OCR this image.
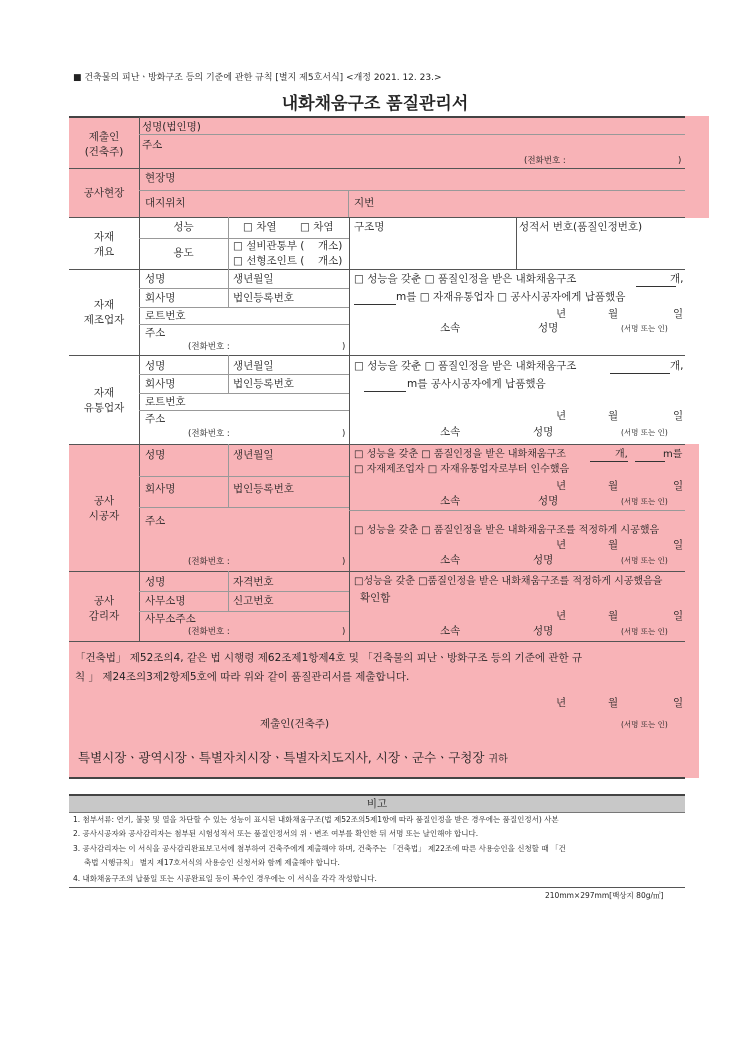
■ 건축물의 피난ㆍ방화구조 등의 기준에 관한 규칙 [별지 제5호서식] <개정 2021. 12. 23.>
내화채움구조 품질관리서
제출인
(건축주)
성명(법인명)
주소
(전화번호 :	)
공사현장
현장명
대지위치	지번
자재
개요
성능	□ 차열 □ 차염
용도
□ 설비관통부 ( 개소)
□ 선형조인트 ( 개소)
구조명	성적서 번호(품질인정번호)
자재
제조업자
성명	생년월일
회사명	법인등록번호
로트번호
주소
(전화번호 :	)
□ 성능을 갖춘 □ 품질인정을 받은 내화채움구조	개,
m를 □ 자재유통업자 □ 공사시공자에게 납품했음
년	월	일
소속	성명	(서명 또는 인)
자재
유통업자
성명	생년월일
회사명	법인등록번호
로트번호
주소
(전화번호 :	)
□ 성능을 갖춘 □ 품질인정을 받은 내화채움구조	개,
m를 공사시공자에게 납품했음
년	월	일
소속	성명	(서명 또는 인)
공사
시공자
성명	생년월일
회사명	법인등록번호
주소
(전화번호 :	)
□ 성능을 갖춘 □ 품질인정을 받은 내화채움구조	개,	m를
□ 자재제조업자 □ 자재유통업자로부터 인수했음
년	월	일
소속	성명	(서명 또는 인)
□ 성능을 갖춘 □ 품질인정을 받은 내화채움구조를 적정하게 시공했음
년	월	일
소속	성명	(서명 또는 인)
공사
감리자
성명	자격번호
사무소명	신고번호
사무소주소
(전화번호 :	)
□성능을 갖춘 □품질인정을 받은 내화채움구조를 적정하게 시공했음을
확인함
년	월	일
소속	성명	(서명 또는 인)
「건축법」 제52조의4, 같은 법 시행령 제62조제1항제4호 및 「건축물의 피난ㆍ방화구조 등의 기준에 관한 규
칙 」 제24조의3제2항제5호에 따라 위와 같이 품질관리서를 제출합니다.
년	월	일
제출인(건축주)	(서명 또는 인)
특별시장ㆍ광역시장ㆍ특별자치시장ㆍ특별자치도지사, 시장ㆍ군수ㆍ구청장 귀하
비고
1. 첨부서류: 연기, 불꽃 및 열을 차단할 수 있는 성능이 표시된 내화채움구조(법 제52조의5제1항에 따라 품질인정을 받은 경우에는 품질인정서) 사본
2. 공사시공자와 공사감리자는 첨부된 시험성적서 또는 품질인정서의 위ㆍ변조 여부를 확인한 뒤 서명 또는 날인해야 합니다.
3. 공사감리자는 이 서식을 공사감리완료보고서에 첨부하여 건축주에게 제출해야 하며, 건축주는 「건축법」 제22조에 따른 사용승인을 신청할 때 「건
축법 시행규칙」 별지 제17호서식의 사용승인 신청서와 함께 제출해야 합니다.
4. 내화채움구조의 납품일 또는 시공완료일 등이 복수인 경우에는 이 서식을 각각 작성합니다.
210mm×297mm[백상지 80g/㎡]
